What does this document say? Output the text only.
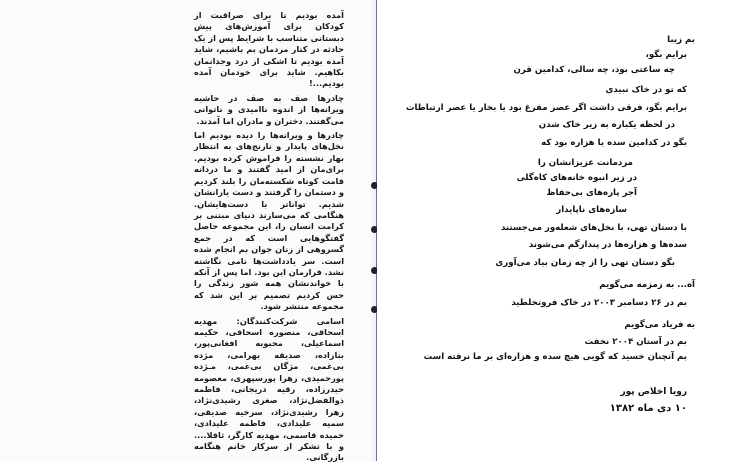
آمده بودیم تا برای صراقبت از کودکان برای آموزش‌های پیش دبستانی متناسب با شرایط پس از یک حادثه در کنار مردمان بم باشیم، شاید آمده بودیم تا اشکی از درد وجدانمان بکاهیم. شاید برای خودمان آمده بودیم...!

چادرها صف به صف در حاشیه ویرانه‌ها از اندوه ناامیدی و ناتوانی می‌گفتند. دختران و مادران اما آمدند.

چادرها و ویرانه‌ها را دیده بودیم اما نخل‌های پایدار و نارنج‌های به انتظار بهار نشسته را فراموش کرده بودیم. برای‌مان از امید گفتند و ما دردانه قامت کوتاه شکسته‌مان را بلند کردیم و دستمان را گرفتند و دست یارانشان شدیم. تواناتر با دست‌هایشان. هنگامی که می‌سازند دنیای مبتنی بر کرامت انسان را، این مجموعه حاصل گفتگوهایی است که در جمع گسروهی از زنان جوان بم انجام شده است. سر یادداشت‌ها نامی نگاشته نشد. قرارمان این بود. اما پس از آنکه با خواندنشان همه شور زندگی را حس کردیم تصمیم بر این شد که مجموعه منتشر شود.

اسامی شرکت‌کنندگان: مهدیه اسحاقی، منصوره اسحاقی، حکیمه اسماعیلی، محبوبه افغانی‌پور، بنازاده، صدیقه بهرامی، مژده بی‌غمی، مژگان بی‌غمی، مـژده پورحمیدی، زهرا پورسپهری، معصومه حیدرزاده، رقیه دریجانی، فاطمه ذوالفضل‌نژاد، صغری رشیدی‌نژاد، زهرا رشیدی‌نژاد، سرخیه صدیقی، سمیه علیدادی، فاطمه علیدادی، حمیده قاسمی، مهدیه کارگر، ثاقلا.... و با تشکر از سرکار خانم هنگامه بازرگانی.

بم زیبا
برایم بگو،
چه ساعتی بود، چه سالی، کدامین قرن
که تو در خاک نبیدی
برایم بگو، فرقی داشت اگر عصر مفرغ بود یا بخار یا عصر ارتباطات
در لحظه یکباره به زیر خاک شدن
بگو در کدامین سده یا هزاره بود که
مردمانت عزیزانشان را
در زیر انبوه خانه‌های کاه‌گلی
آجر پاره‌های بی‌حفاظ
سازه‌های ناپایدار
با دستان تهی، با نخل‌های شعله‌ور می‌جستند
سده‌ها و هزاره‌ها در پندارگم می‌شوند
بگو دستان تهی را از چه زمان بیاد می‌آوری
آه... به زمزمه می‌گویم
بم در ۲۶ دسامبر ۲۰۰۳ در خاک فروتخلطید
به فریاد می‌گویم
بم در آستان ۲۰۰۴ نخفت
بم آنچنان خسید که گویی هیچ سده و هزاره‌ای بر ما نرفته است
رویا اخلاص پور
۱۰ دی ماه ۱۳۸۲
